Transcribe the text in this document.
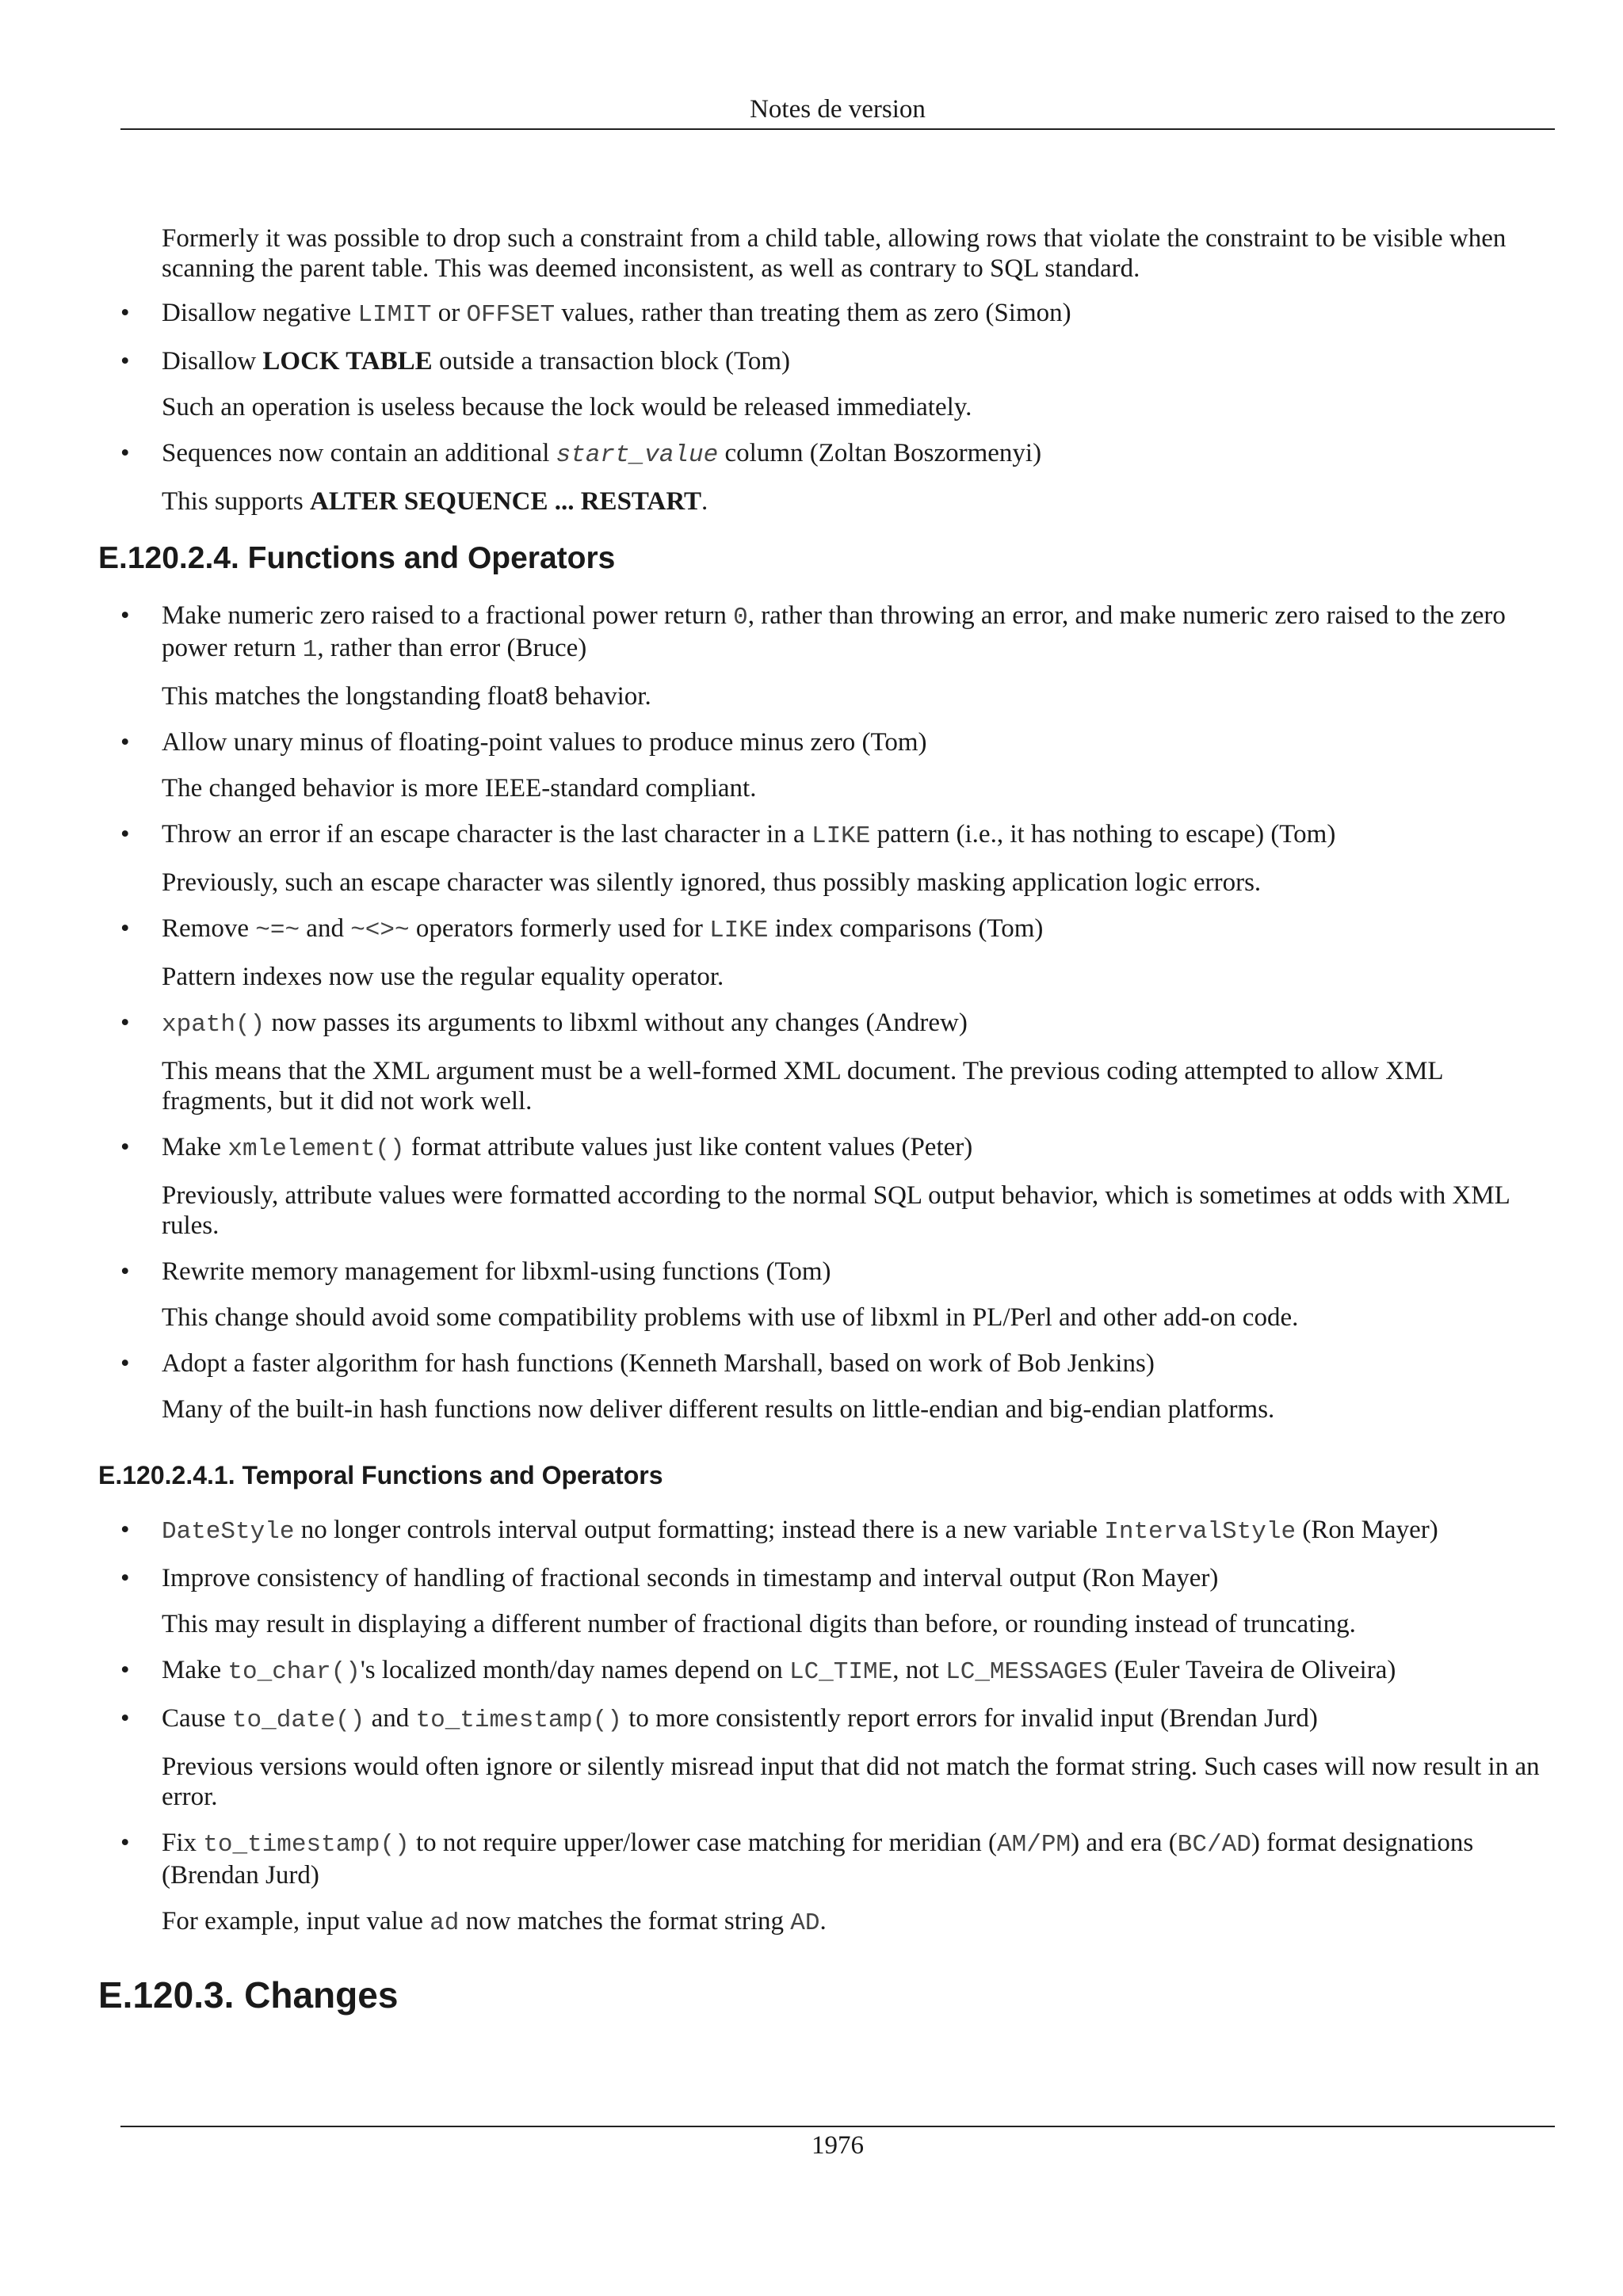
Notes de version

Formerly it was possible to drop such a constraint from a child table, allowing rows that violate the constraint to be visible when scanning the parent table. This was deemed inconsistent, as well as contrary to SQL standard.

• Disallow negative LIMIT or OFFSET values, rather than treating them as zero (Simon)
• Disallow LOCK TABLE outside a transaction block (Tom)

Such an operation is useless because the lock would be released immediately.

• Sequences now contain an additional start_value column (Zoltan Boszormenyi)

This supports ALTER SEQUENCE ... RESTART.

E.120.2.4. Functions and Operators
• Make numeric zero raised to a fractional power return 0, rather than throwing an error, and make numeric zero raised to the zero power return 1, rather than error (Bruce)

This matches the longstanding float8 behavior.

• Allow unary minus of floating-point values to produce minus zero (Tom)

The changed behavior is more IEEE-standard compliant.

• Throw an error if an escape character is the last character in a LIKE pattern (i.e., it has nothing to escape) (Tom)

Previously, such an escape character was silently ignored, thus possibly masking application logic errors.

• Remove ~=~ and ~<>~ operators formerly used for LIKE index comparisons (Tom)

Pattern indexes now use the regular equality operator.

• xpath() now passes its arguments to libxml without any changes (Andrew)

This means that the XML argument must be a well-formed XML document. The previous coding attempted to allow XML fragments, but it did not work well.

• Make xmlelement() format attribute values just like content values (Peter)

Previously, attribute values were formatted according to the normal SQL output behavior, which is sometimes at odds with XML rules.

• Rewrite memory management for libxml-using functions (Tom)

This change should avoid some compatibility problems with use of libxml in PL/Perl and other add-on code.

• Adopt a faster algorithm for hash functions (Kenneth Marshall, based on work of Bob Jenkins)

Many of the built-in hash functions now deliver different results on little-endian and big-endian platforms.

E.120.2.4.1. Temporal Functions and Operators
• DateStyle no longer controls interval output formatting; instead there is a new variable IntervalStyle (Ron Mayer)
• Improve consistency of handling of fractional seconds in timestamp and interval output (Ron Mayer)

This may result in displaying a different number of fractional digits than before, or rounding instead of truncating.

• Make to_char()'s localized month/day names depend on LC_TIME, not LC_MESSAGES (Euler Taveira de Oliveira)
• Cause to_date() and to_timestamp() to more consistently report errors for invalid input (Brendan Jurd)

Previous versions would often ignore or silently misread input that did not match the format string. Such cases will now result in an error.

• Fix to_timestamp() to not require upper/lower case matching for meridian (AM/PM) and era (BC/AD) format designations (Brendan Jurd)

For example, input value ad now matches the format string AD.

E.120.3. Changes
1976
